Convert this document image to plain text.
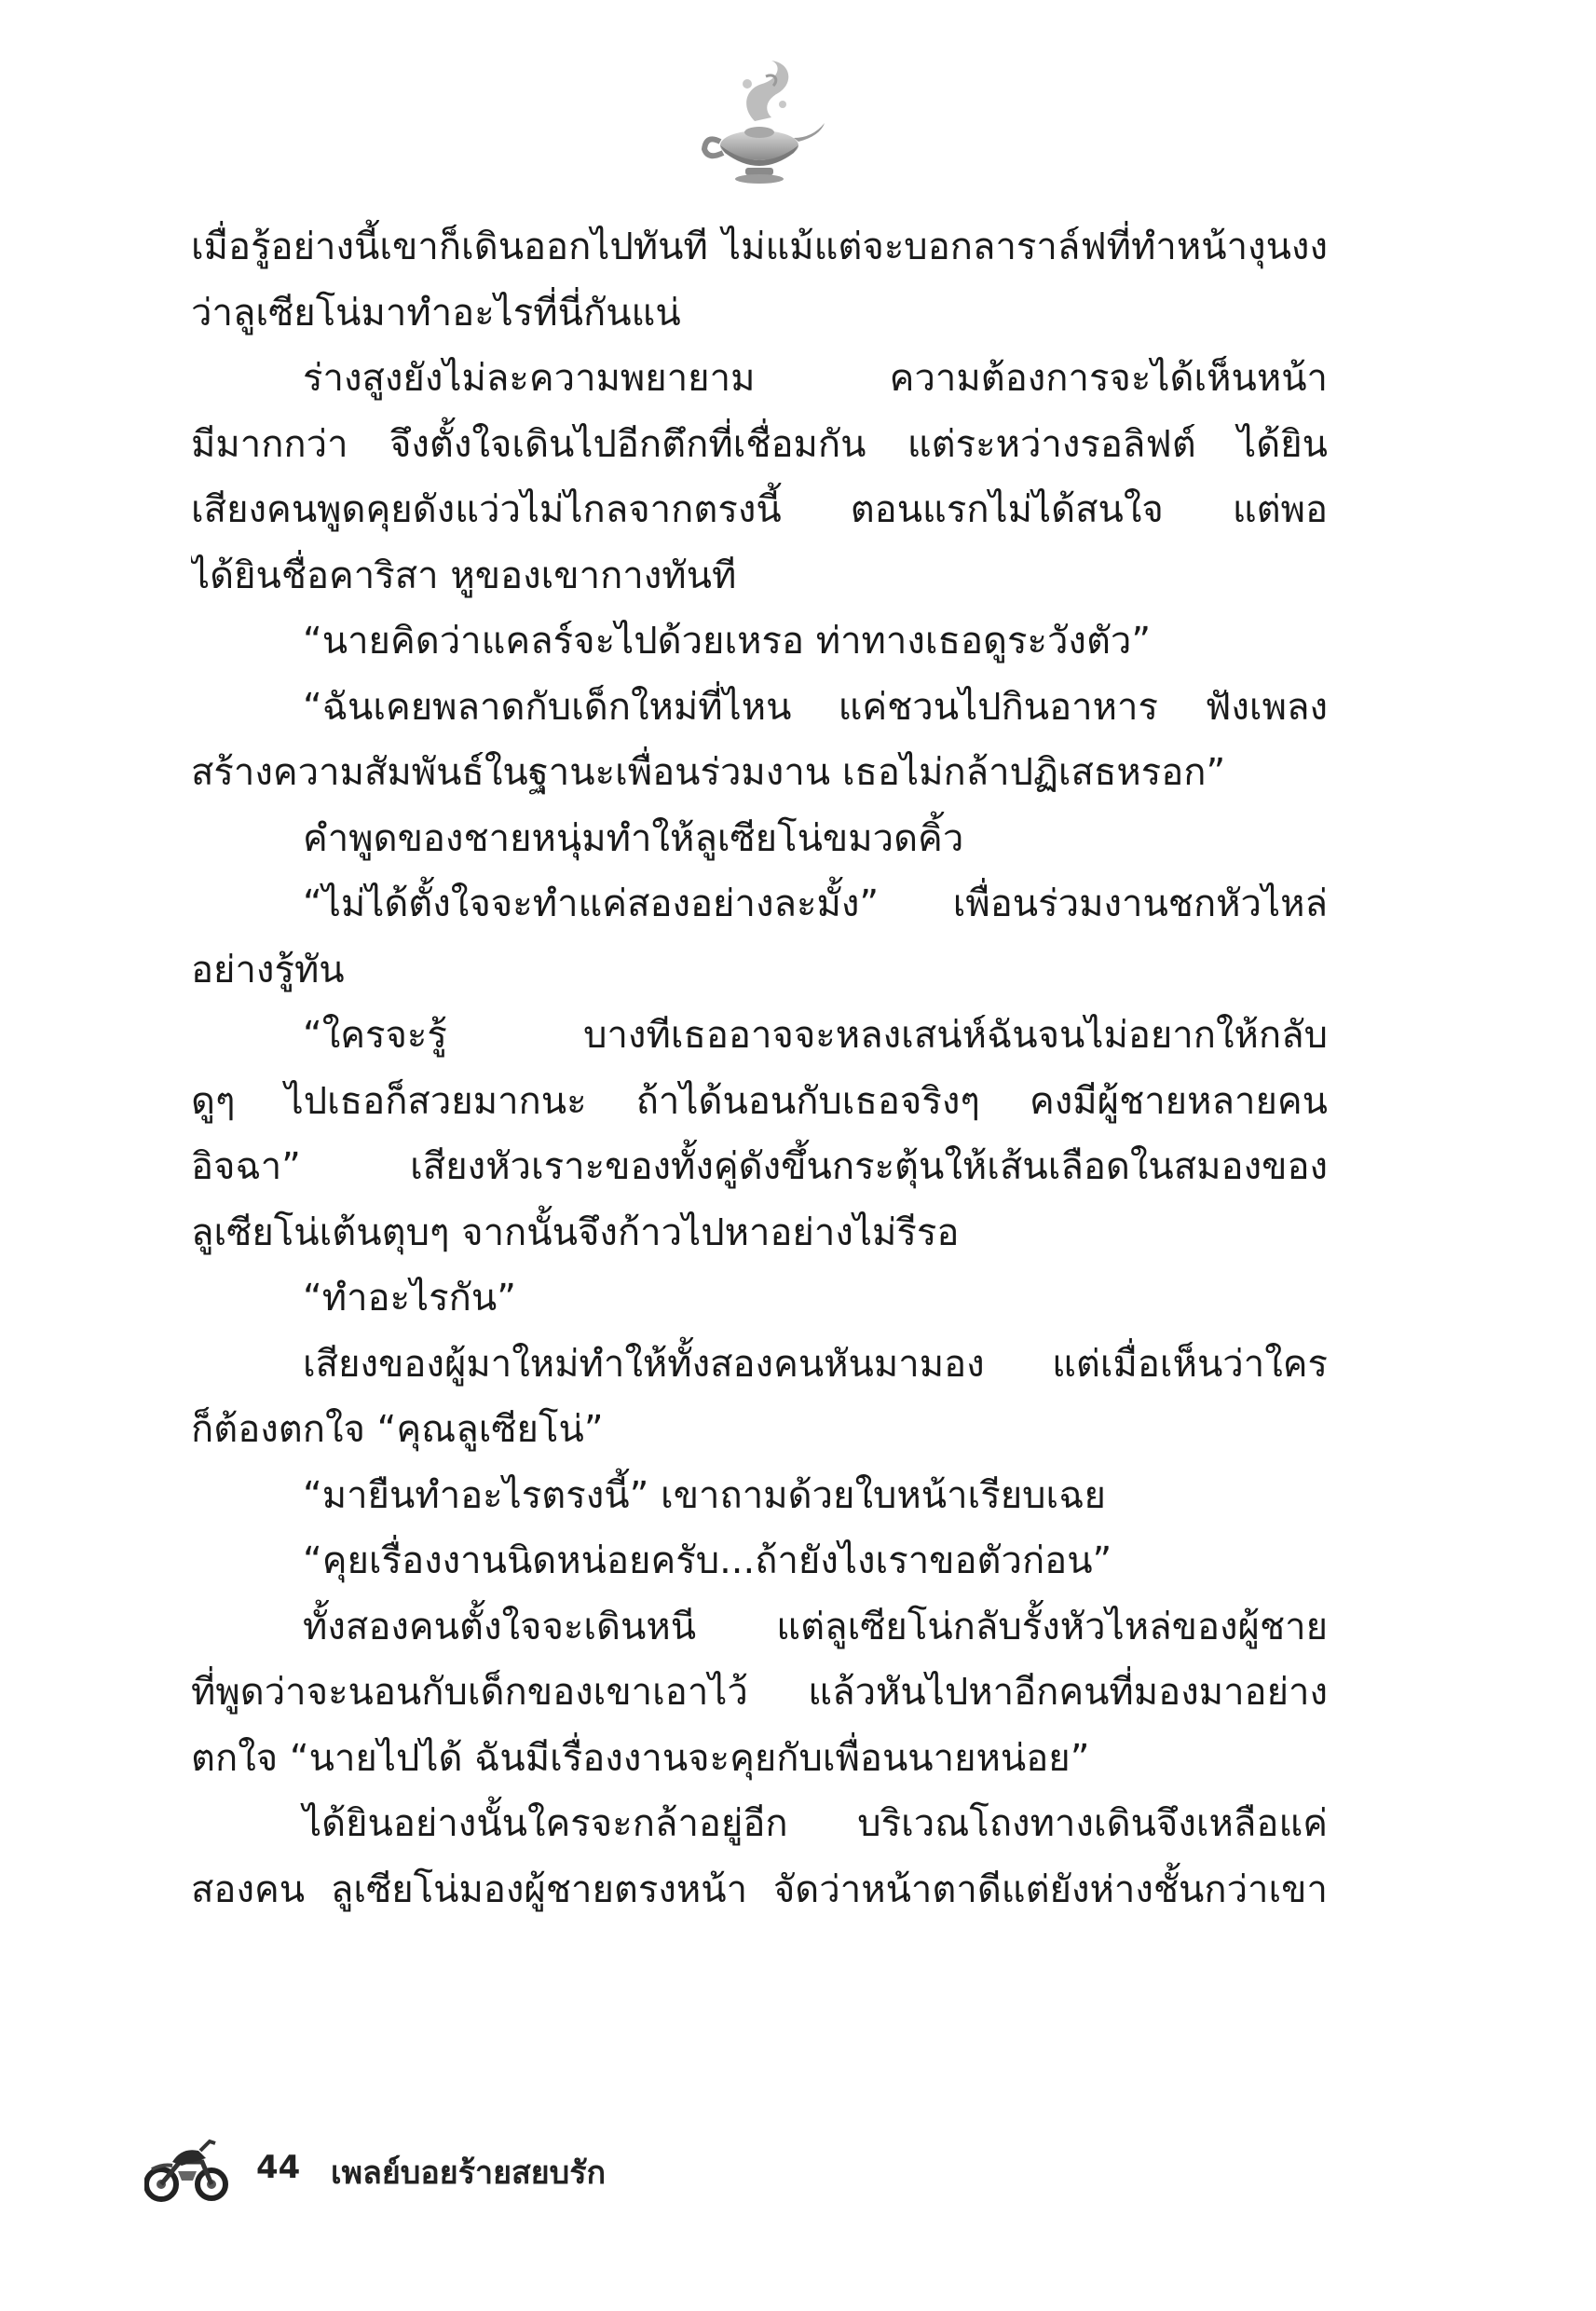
เมื่อรู้อย่างนี้เขาก็เดินออกไปทันที ไม่แม้แต่จะบอกลาราล์ฟที่ทำหน้างุนงง
ว่าลูเซียโน่มาทำอะไรที่นี่กันแน่
ร่างสูงยังไม่ละความพยายาม ความต้องการจะได้เห็นหน้า
มีมากกว่า จึงตั้งใจเดินไปอีกตึกที่เชื่อมกัน แต่ระหว่างรอลิฟต์ ได้ยิน
เสียงคนพูดคุยดังแว่วไม่ไกลจากตรงนี้ ตอนแรกไม่ได้สนใจ แต่พอ
ได้ยินชื่อคาริสา หูของเขากางทันที
“นายคิดว่าแคลร์จะไปด้วยเหรอ ท่าทางเธอดูระวังตัว”
“ฉันเคยพลาดกับเด็กใหม่ที่ไหน แค่ชวนไปกินอาหาร ฟังเพลง
สร้างความสัมพันธ์ในฐานะเพื่อนร่วมงาน เธอไม่กล้าปฏิเสธหรอก”
คำพูดของชายหนุ่มทำให้ลูเซียโน่ขมวดคิ้ว
“ไม่ได้ตั้งใจจะทำแค่สองอย่างละมั้ง” เพื่อนร่วมงานชกหัวไหล่
อย่างรู้ทัน
“ใครจะรู้ บางทีเธออาจจะหลงเสน่ห์ฉันจนไม่อยากให้กลับ
ดูๆ ไปเธอก็สวยมากนะ ถ้าได้นอนกับเธอจริงๆ คงมีผู้ชายหลายคน
อิจฉา” เสียงหัวเราะของทั้งคู่ดังขึ้นกระตุ้นให้เส้นเลือดในสมองของ
ลูเซียโน่เต้นตุบๆ จากนั้นจึงก้าวไปหาอย่างไม่รีรอ
“ทำอะไรกัน”
เสียงของผู้มาใหม่ทำให้ทั้งสองคนหันมามอง แต่เมื่อเห็นว่าใคร
ก็ต้องตกใจ “คุณลูเซียโน่”
“มายืนทำอะไรตรงนี้” เขาถามด้วยใบหน้าเรียบเฉย
“คุยเรื่องงานนิดหน่อยครับ...ถ้ายังไงเราขอตัวก่อน”
ทั้งสองคนตั้งใจจะเดินหนี แต่ลูเซียโน่กลับรั้งหัวไหล่ของผู้ชาย
ที่พูดว่าจะนอนกับเด็กของเขาเอาไว้ แล้วหันไปหาอีกคนที่มองมาอย่าง
ตกใจ “นายไปได้ ฉันมีเรื่องงานจะคุยกับเพื่อนนายหน่อย”
ได้ยินอย่างนั้นใครจะกล้าอยู่อีก บริเวณโถงทางเดินจึงเหลือแค่
สองคน ลูเซียโน่มองผู้ชายตรงหน้า จัดว่าหน้าตาดีแต่ยังห่างชั้นกว่าเขา
44 เพลย์บอยร้ายสยบรัก
